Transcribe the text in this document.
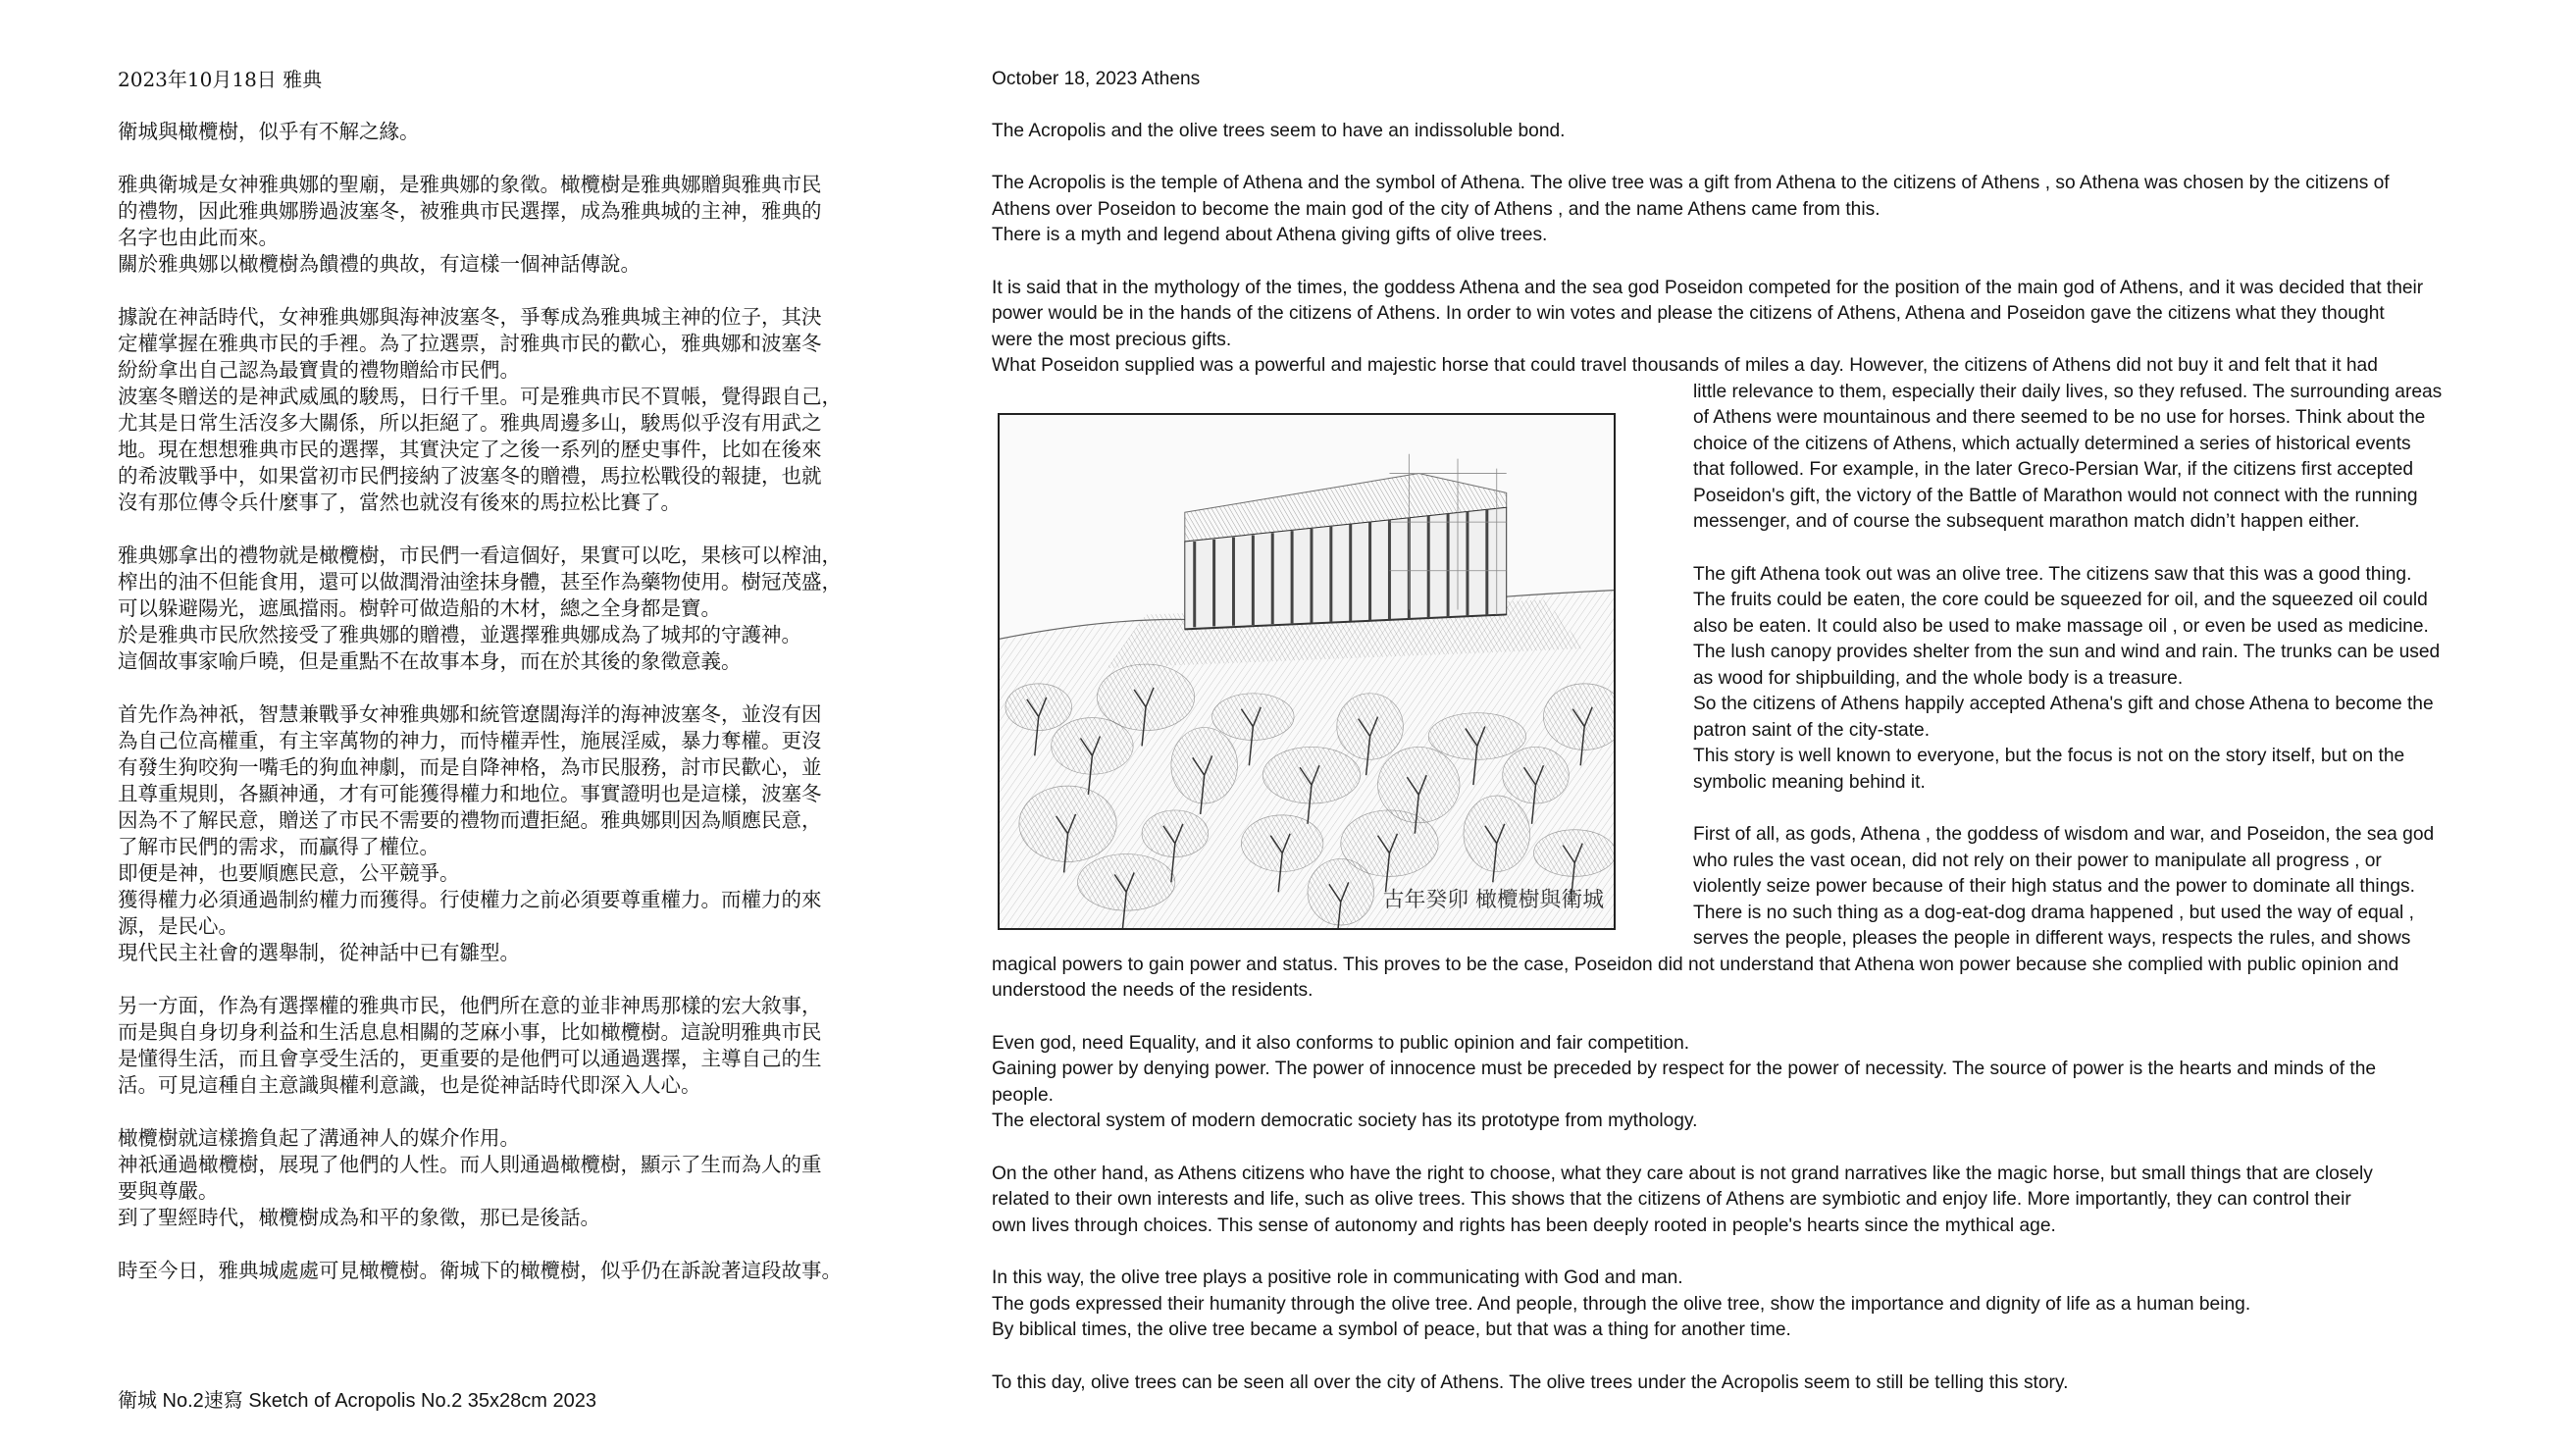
2023年10月18日 雅典

衛城與橄欖樹，似乎有不解之緣。

雅典衛城是女神雅典娜的聖廟，是雅典娜的象徵。橄欖樹是雅典娜贈與雅典市民

的禮物，因此雅典娜勝過波塞冬，被雅典市民選擇，成為雅典城的主神，雅典的

名字也由此而來。

關於雅典娜以橄欖樹為饋禮的典故，有這樣一個神話傳說。

據說在神話時代，女神雅典娜與海神波塞冬，爭奪成為雅典城主神的位子，其決

定權掌握在雅典市民的手裡。為了拉選票，討雅典市民的歡心，雅典娜和波塞冬

紛紛拿出自己認為最寶貴的禮物贈給市民們。

波塞冬贈送的是神武威風的駿馬，日行千里。可是雅典市民不買帳，覺得跟自己，

尤其是日常生活沒多大關係，所以拒絕了。雅典周邊多山，駿馬似乎沒有用武之

地。現在想想雅典市民的選擇，其實決定了之後一系列的歷史事件，比如在後來

的希波戰爭中，如果當初市民們接納了波塞冬的贈禮，馬拉松戰役的報捷，也就

沒有那位傳令兵什麼事了，當然也就沒有後來的馬拉松比賽了。

雅典娜拿出的禮物就是橄欖樹，市民們一看這個好，果實可以吃，果核可以榨油，

榨出的油不但能食用，還可以做潤滑油塗抹身體，甚至作為藥物使用。樹冠茂盛，

可以躲避陽光，遮風擋雨。樹幹可做造船的木材，總之全身都是寶。

於是雅典市民欣然接受了雅典娜的贈禮，並選擇雅典娜成為了城邦的守護神。

這個故事家喻戶曉，但是重點不在故事本身，而在於其後的象徵意義。

首先作為神祇，智慧兼戰爭女神雅典娜和統管遼闊海洋的海神波塞冬，並沒有因

為自己位高權重，有主宰萬物的神力，而恃權弄性，施展淫威，暴力奪權。更沒

有發生狗咬狗一嘴毛的狗血神劇，而是自降神格，為市民服務，討市民歡心，並

且尊重規則，各顯神通，才有可能獲得權力和地位。事實證明也是這樣，波塞冬

因為不了解民意，贈送了市民不需要的禮物而遭拒絕。雅典娜則因為順應民意，

了解市民們的需求，而贏得了權位。

即便是神，也要順應民意，公平競爭。

獲得權力必須通過制約權力而獲得。行使權力之前必須要尊重權力。而權力的來

源，是民心。

現代民主社會的選舉制，從神話中已有雛型。

另一方面，作為有選擇權的雅典市民，他們所在意的並非神馬那樣的宏大敘事，

而是與自身切身利益和生活息息相關的芝麻小事，比如橄欖樹。這說明雅典市民

是懂得生活，而且會享受生活的，更重要的是他們可以通過選擇，主導自己的生

活。可見這種自主意識與權利意識，也是從神話時代即深入人心。

橄欖樹就這樣擔負起了溝通神人的媒介作用。

神祇通過橄欖樹，展現了他們的人性。而人則通過橄欖樹，顯示了生而為人的重

要與尊嚴。

到了聖經時代，橄欖樹成為和平的象徵，那已是後話。

時至今日，雅典城處處可見橄欖樹。衛城下的橄欖樹，似乎仍在訴說著這段故事。

衛城 No.2速寫 Sketch of Acropolis No.2 35x28cm 2023

October 18, 2023 Athens

The Acropolis and the olive trees seem to have an indissoluble bond.

The Acropolis is the temple of Athena and the symbol of Athena. The olive tree was a gift from Athena to the citizens of Athens , so Athena was chosen by the citizens of

Athens over Poseidon to become the main god of the city of Athens , and the name Athens came from this.

There is a myth and legend about Athena giving gifts of olive trees.

It is said that in the mythology of the times, the goddess Athena and the sea god Poseidon competed for the position of the main god of Athens, and it was decided that their

power would be in the hands of the citizens of Athens. In order to win votes and please the citizens of Athens, Athena and Poseidon gave the citizens what they thought

were the most precious gifts.

What Poseidon supplied was a powerful and majestic horse that could travel thousands of miles a day. However, the citizens of Athens did not buy it and felt that it had

little relevance to them, especially their daily lives, so they refused. The surrounding areas

of Athens were mountainous and there seemed to be no use for horses. Think about the

choice of the citizens of Athens, which actually determined a series of historical events

that followed. For example, in the later Greco-Persian War, if the citizens first accepted

Poseidon's gift, the victory of the Battle of Marathon would not connect with the running

messenger, and of course the subsequent marathon match didn’t happen either.

The gift Athena took out was an olive tree. The citizens saw that this was a good thing.

The fruits could be eaten, the core could be squeezed for oil, and the squeezed oil could

also be eaten. It could also be used to make massage oil , or even be used as medicine.

The lush canopy provides shelter from the sun and wind and rain. The trunks can be used

as wood for shipbuilding, and the whole body is a treasure.

So the citizens of Athens happily accepted Athena's gift and chose Athena to become the

patron saint of the city-state.

This story is well known to everyone, but the focus is not on the story itself, but on the

symbolic meaning behind it.

First of all, as gods, Athena , the goddess of wisdom and war, and Poseidon, the sea god

who rules the vast ocean, did not rely on their power to manipulate all progress , or

violently seize power because of their high status and the power to dominate all things.

There is no such thing as a dog-eat-dog drama happened , but used the way of equal ,

serves the people, pleases the people in different ways, respects the rules, and shows

magical powers to gain power and status. This proves to be the case, Poseidon did not understand that Athena won power because she complied with public opinion and

understood the needs of the residents.

Even god, need Equality, and it also conforms to public opinion and fair competition.

Gaining power by denying power. The power of innocence must be preceded by respect for the power of necessity. The source of power is the hearts and minds of the

people.

The electoral system of modern democratic society has its prototype from mythology.

On the other hand, as Athens citizens who have the right to choose, what they care about is not grand narratives like the magic horse, but small things that are closely

related to their own interests and life, such as olive trees. This shows that the citizens of Athens are symbiotic and enjoy life. More importantly, they can control their

own lives through choices. This sense of autonomy and rights has been deeply rooted in people's hearts since the mythical age.

In this way, the olive tree plays a positive role in communicating with God and man.

The gods expressed their humanity through the olive tree. And people, through the olive tree, show the importance and dignity of life as a human being.

By biblical times, the olive tree became a symbol of peace, but that was a thing for another time.

To this day, olive trees can be seen all over the city of Athens. The olive trees under the Acropolis seem to still be telling this story.

古年癸卯 橄欖樹與衛城
